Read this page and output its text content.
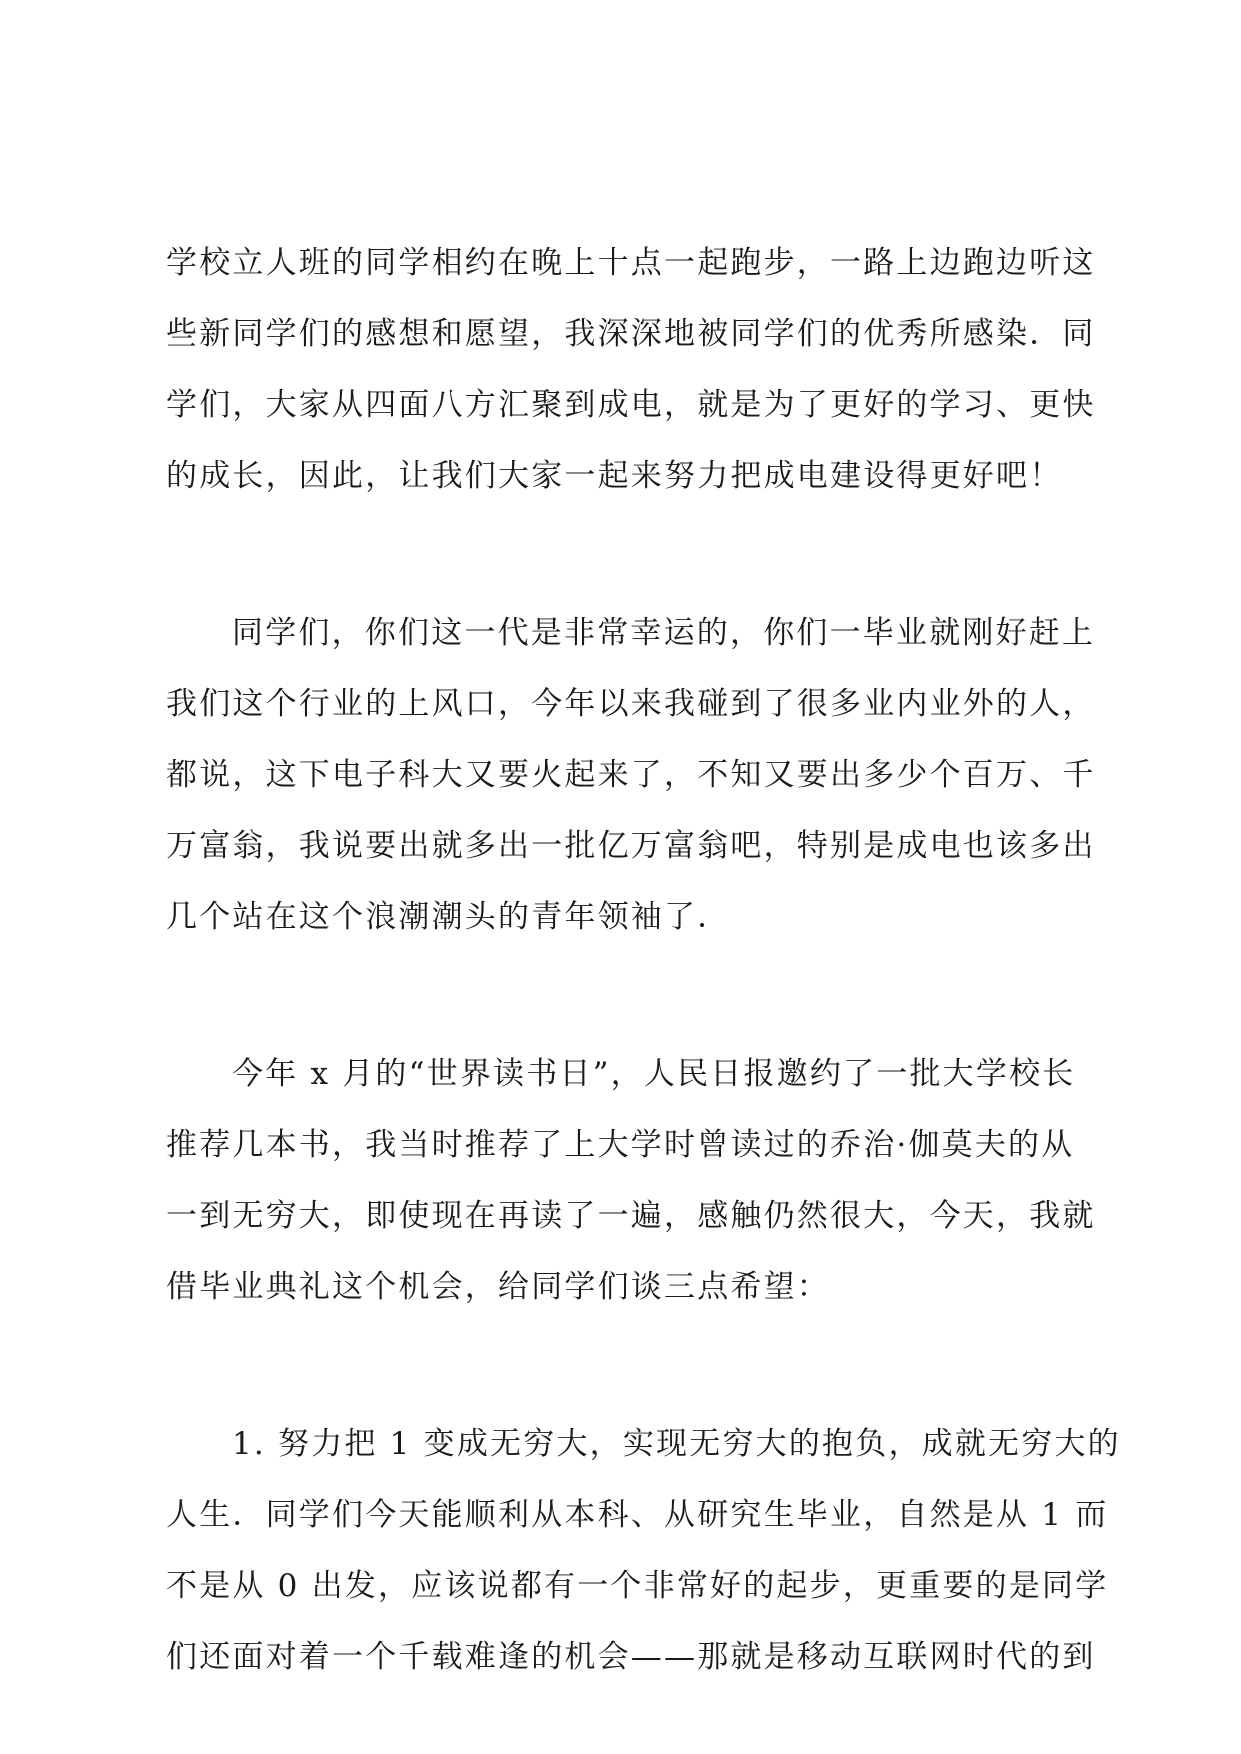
学校立人班的同学相约在晚上十点一起跑步，一路上边跑边听这
些新同学们的感想和愿望，我深深地被同学们的优秀所感染．同
学们，大家从四面八方汇聚到成电，就是为了更好的学习、更快
的成长，因此，让我们大家一起来努力把成电建设得更好吧！

同学们，你们这一代是非常幸运的，你们一毕业就刚好赶上
我们这个行业的上风口，今年以来我碰到了很多业内业外的人，
都说，这下电子科大又要火起来了，不知又要出多少个百万、千
万富翁，我说要出就多出一批亿万富翁吧，特别是成电也该多出
几个站在这个浪潮潮头的青年领袖了．

今年 x 月的“世界读书日”，人民日报邀约了一批大学校长
推荐几本书，我当时推荐了上大学时曾读过的乔治·伽莫夫的从
一到无穷大，即使现在再读了一遍，感触仍然很大，今天，我就
借毕业典礼这个机会，给同学们谈三点希望：

1. 努力把 1 变成无穷大，实现无穷大的抱负，成就无穷大的
人生．同学们今天能顺利从本科、从研究生毕业，自然是从 1 而
不是从 0 出发，应该说都有一个非常好的起步，更重要的是同学
们还面对着一个千载难逢的机会——那就是移动互联网时代的到
